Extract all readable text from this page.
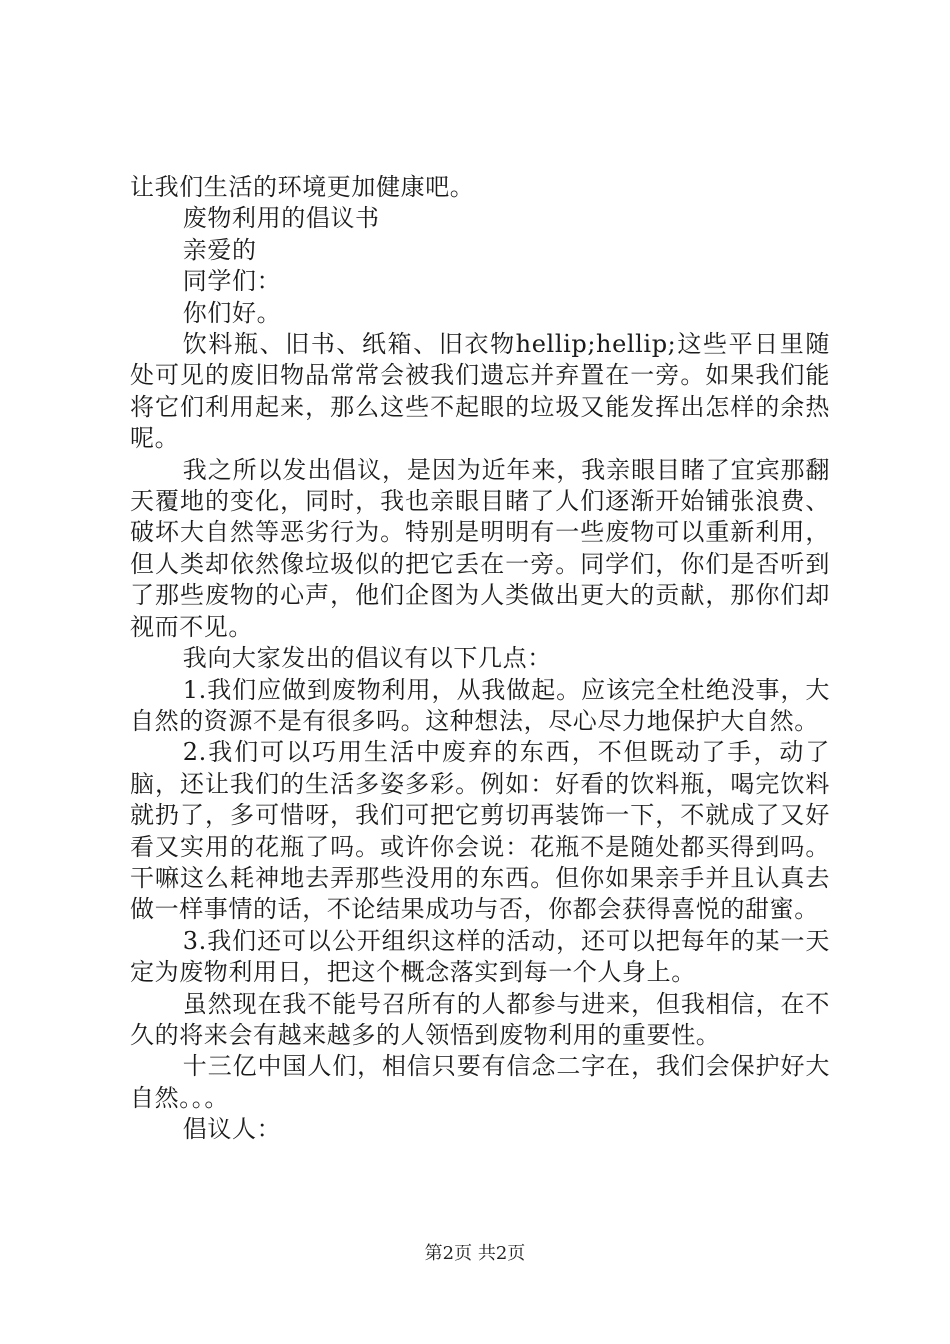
让我们生活的环境更加健康吧。

废物利用的倡议书

亲爱的

同学们：

你们好。

饮料瓶、旧书、纸箱、旧衣物hellip;hellip;这些平日里随处可见的废旧物品常常会被我们遗忘并弃置在一旁。如果我们能将它们利用起来，那么这些不起眼的垃圾又能发挥出怎样的余热呢。

我之所以发出倡议，是因为近年来，我亲眼目睹了宜宾那翻天覆地的变化，同时，我也亲眼目睹了人们逐渐开始铺张浪费、破坏大自然等恶劣行为。特别是明明有一些废物可以重新利用，但人类却依然像垃圾似的把它丢在一旁。同学们，你们是否听到了那些废物的心声，他们企图为人类做出更大的贡献，那你们却视而不见。

我向大家发出的倡议有以下几点：

1.我们应做到废物利用，从我做起。应该完全杜绝没事，大自然的资源不是有很多吗。这种想法，尽心尽力地保护大自然。

2.我们可以巧用生活中废弃的东西，不但既动了手，动了脑，还让我们的生活多姿多彩。例如：好看的饮料瓶，喝完饮料就扔了，多可惜呀，我们可把它剪切再装饰一下，不就成了又好看又实用的花瓶了吗。或许你会说：花瓶不是随处都买得到吗。干嘛这么耗神地去弄那些没用的东西。但你如果亲手并且认真去做一样事情的话，不论结果成功与否，你都会获得喜悦的甜蜜。

3.我们还可以公开组织这样的活动，还可以把每年的某一天定为废物利用日，把这个概念落实到每一个人身上。

虽然现在我不能号召所有的人都参与进来，但我相信，在不久的将来会有越来越多的人领悟到废物利用的重要性。

十三亿中国人们，相信只要有信念二字在，我们会保护好大自然。。。

倡议人：

第2页 共2页
